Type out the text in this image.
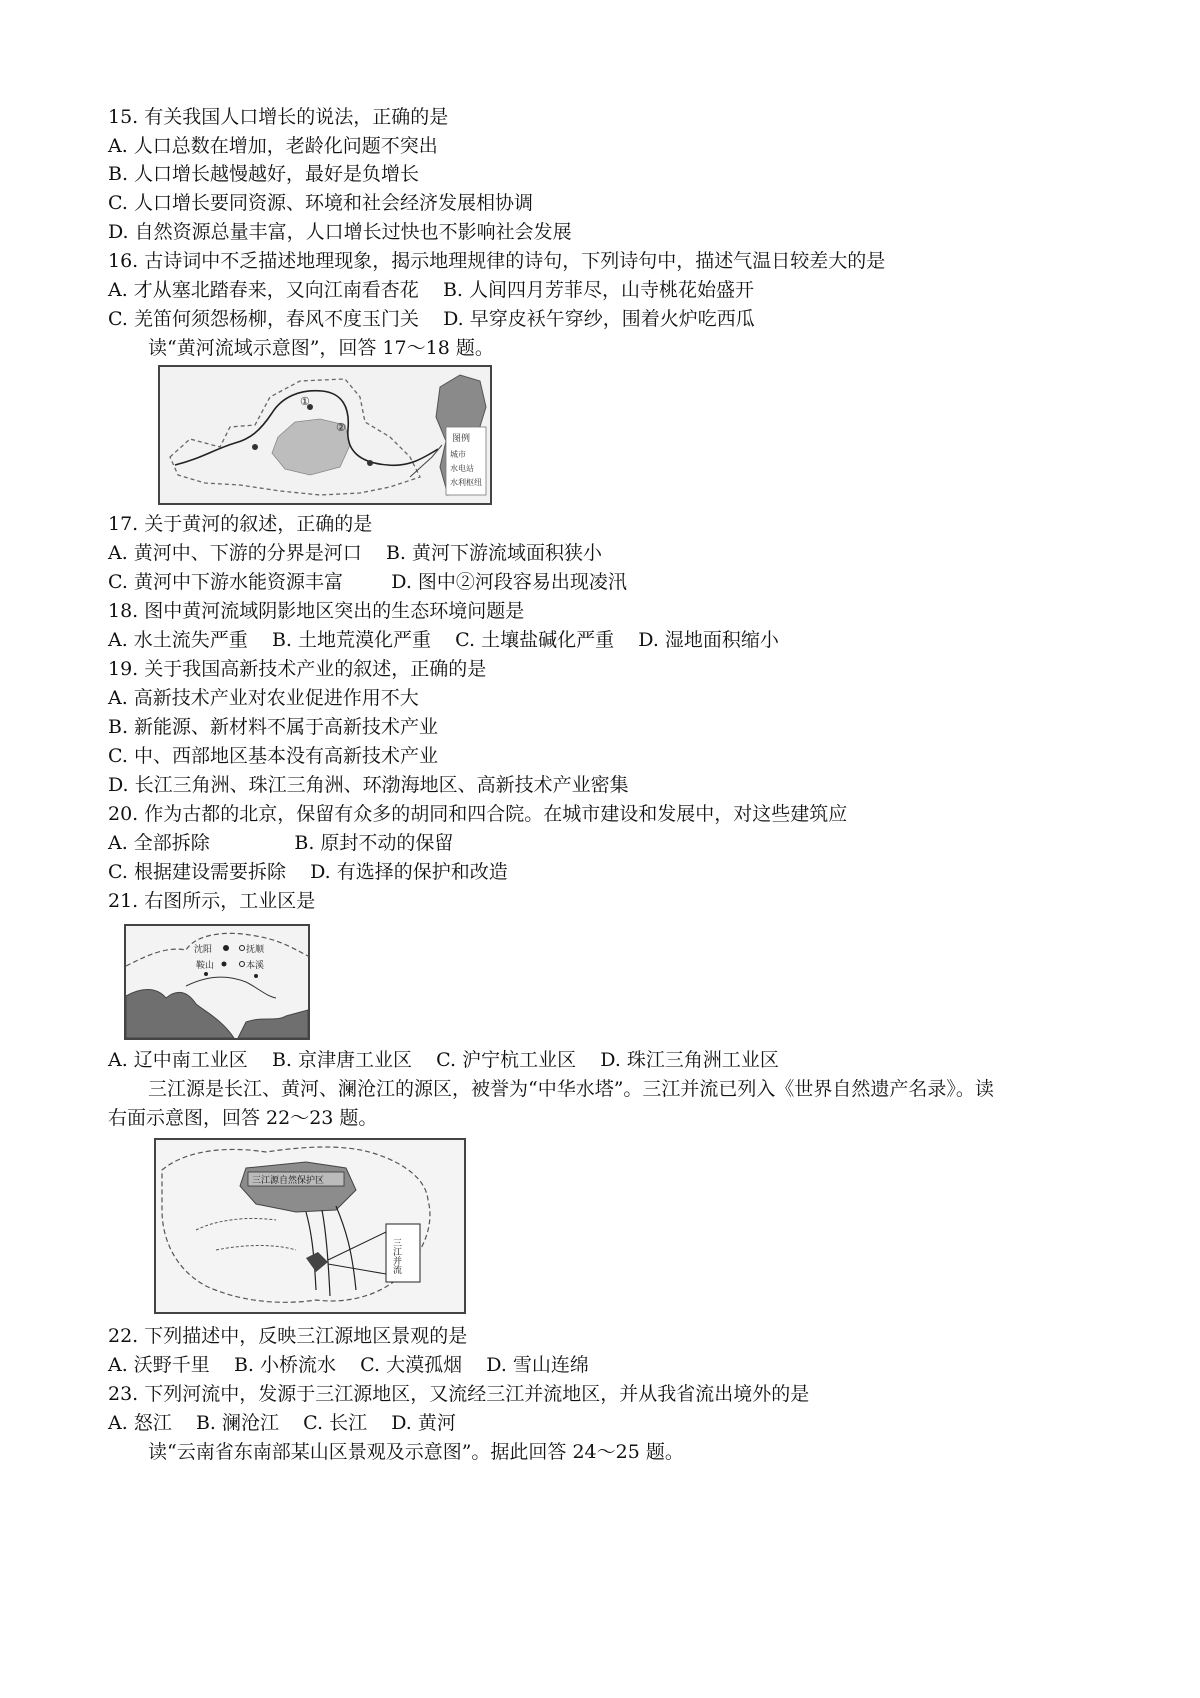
15. 有关我国人口增长的说法，正确的是
A. 人口总数在增加，老龄化问题不突出
B. 人口增长越慢越好，最好是负增长
C. 人口增长要同资源、环境和社会经济发展相协调
D. 自然资源总量丰富，人口增长过快也不影响社会发展
16. 古诗词中不乏描述地理现象，揭示地理规律的诗句，下列诗句中，描述气温日较差大的是
A. 才从塞北踏春来，又向江南看杏花    B. 人间四月芳菲尽，山寺桃花始盛开
C. 羌笛何须怨杨柳，春风不度玉门关    D. 早穿皮袄午穿纱，围着火炉吃西瓜
读“黄河流域示意图”，回答 17～18 题。
①
②
图例
城市
水电站
水利枢纽
17. 关于黄河的叙述，正确的是
A. 黄河中、下游的分界是河口    B. 黄河下游流域面积狭小
C. 黄河中下游水能资源丰富        D. 图中②河段容易出现凌汛
18. 图中黄河流域阴影地区突出的生态环境问题是
A. 水土流失严重    B. 土地荒漠化严重    C. 土壤盐碱化严重    D. 湿地面积缩小
19. 关于我国高新技术产业的叙述，正确的是
A. 高新技术产业对农业促进作用不大
B. 新能源、新材料不属于高新技术产业
C. 中、西部地区基本没有高新技术产业
D. 长江三角洲、珠江三角洲、环渤海地区、高新技术产业密集
20. 作为古都的北京，保留有众多的胡同和四合院。在城市建设和发展中，对这些建筑应
A. 全部拆除              B. 原封不动的保留
C. 根据建设需要拆除    D. 有选择的保护和改造
21. 右图所示，工业区是
沈阳	抚顺
鞍山	本溪
A. 辽中南工业区    B. 京津唐工业区    C. 沪宁杭工业区    D. 珠江三角洲工业区
三江源是长江、黄河、澜沧江的源区，被誉为“中华水塔”。三江并流已列入《世界自然遗产名录》。读
右面示意图，回答 22～23 题。
三江源自然保护区
三江并流
22. 下列描述中，反映三江源地区景观的是
A. 沃野千里    B. 小桥流水    C. 大漠孤烟    D. 雪山连绵
23. 下列河流中，发源于三江源地区，又流经三江并流地区，并从我省流出境外的是
A. 怒江    B. 澜沧江    C. 长江    D. 黄河
读“云南省东南部某山区景观及示意图”。据此回答 24～25 题。
